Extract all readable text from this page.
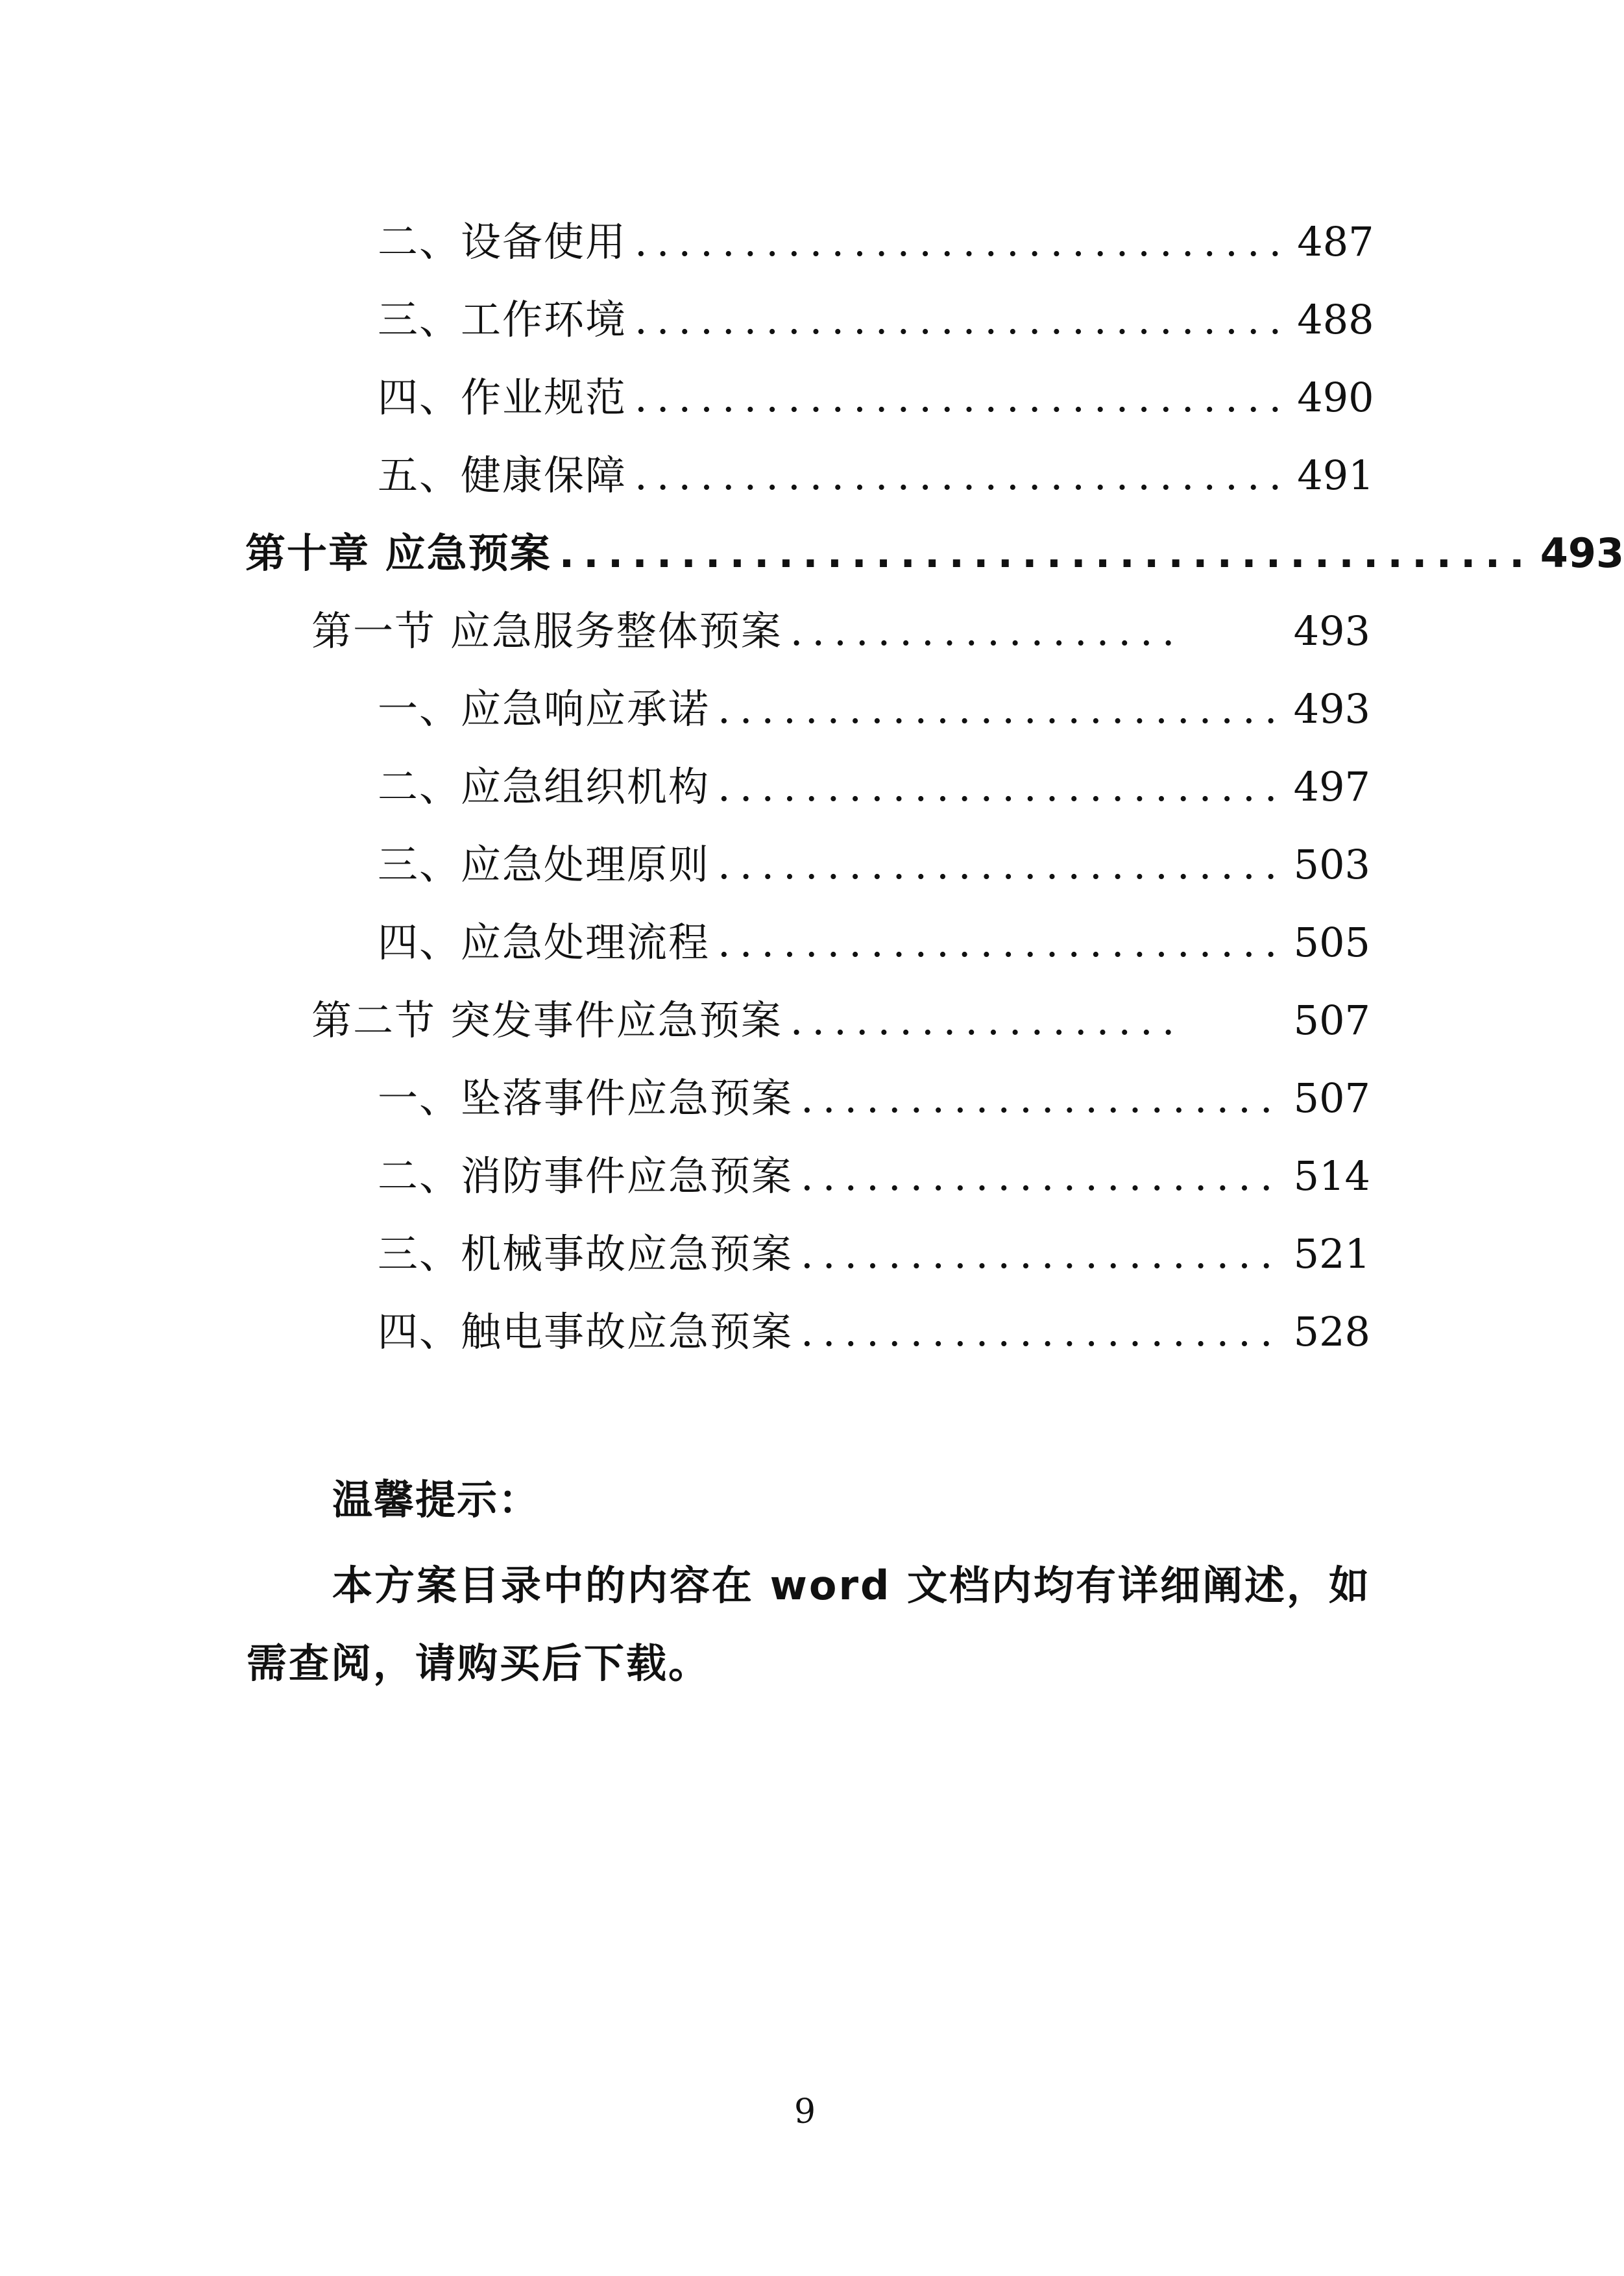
二、设备使用 .............................. 487
三、工作环境 .............................. 488
四、作业规范 .............................. 490
五、健康保障 .............................. 491
第十章 应急预案 ........................................ 493
第一节 应急服务整体预案 ..................	493
一、应急响应承诺 .......................... 493
二、应急组织机构 .......................... 497
三、应急处理原则 .......................... 503
四、应急处理流程 .......................... 505
第二节 突发事件应急预案 ..................	507
一、坠落事件应急预案 ...................... 507
二、消防事件应急预案 ...................... 514
三、机械事故应急预案 ...................... 521
四、触电事故应急预案 ...................... 528
温馨提示：
本方案目录中的内容在 word 文档内均有详细阐述，如需查阅，请购买后下载。
9
